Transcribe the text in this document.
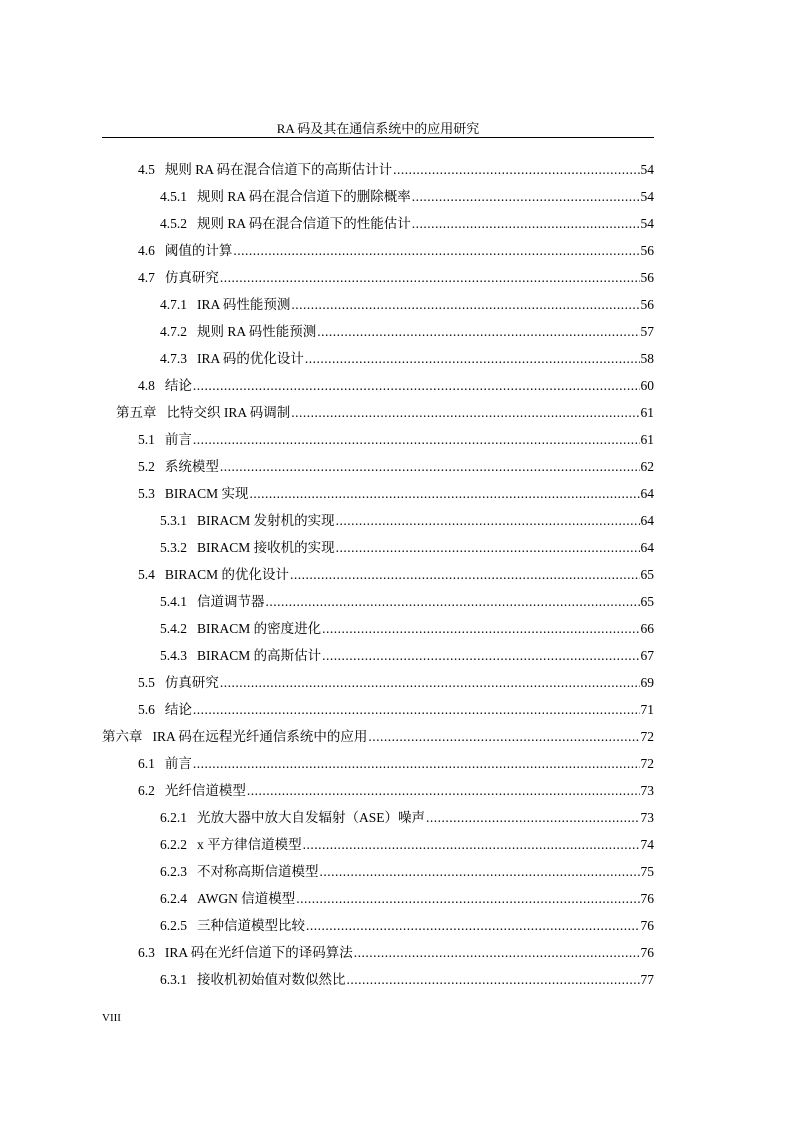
RA 码及其在通信系统中的应用研究
4.5 规则 RA 码在混合信道下的高斯估计计 .....	54
4.5.1 规则 RA 码在混合信道下的删除概率 .....	54
4.5.2 规则 RA 码在混合信道下的性能估计 .....	54
4.6 阈值的计算 .....	56
4.7 仿真研究 .....	56
4.7.1 IRA 码性能预测 .....	56
4.7.2 规则 RA 码性能预测 .....	57
4.7.3 IRA 码的优化设计 .....	58
4.8 结论 .....	60
第五章 比特交织 IRA 码调制 .....	61
5.1 前言 .....	61
5.2 系统模型 .....	62
5.3 BIRACM 实现 .....	64
5.3.1 BIRACM 发射机的实现 .....	64
5.3.2 BIRACM 接收机的实现 .....	64
5.4 BIRACM 的优化设计 .....	65
5.4.1 信道调节器 .....	65
5.4.2 BIRACM 的密度进化 .....	66
5.4.3 BIRACM 的高斯估计 .....	67
5.5 仿真研究 .....	69
5.6 结论 .....	71
第六章 IRA 码在远程光纤通信系统中的应用 .....	72
6.1 前言 .....	72
6.2 光纤信道模型 .....	73
6.2.1 光放大器中放大自发辐射（ASE）噪声 .....	73
6.2.2 x 平方律信道模型 .....	74
6.2.3 不对称高斯信道模型 .....	75
6.2.4 AWGN 信道模型 .....	76
6.2.5 三种信道模型比较 .....	76
6.3 IRA 码在光纤信道下的译码算法 .....	76
6.3.1 接收机初始值对数似然比 .....	77
VIII
